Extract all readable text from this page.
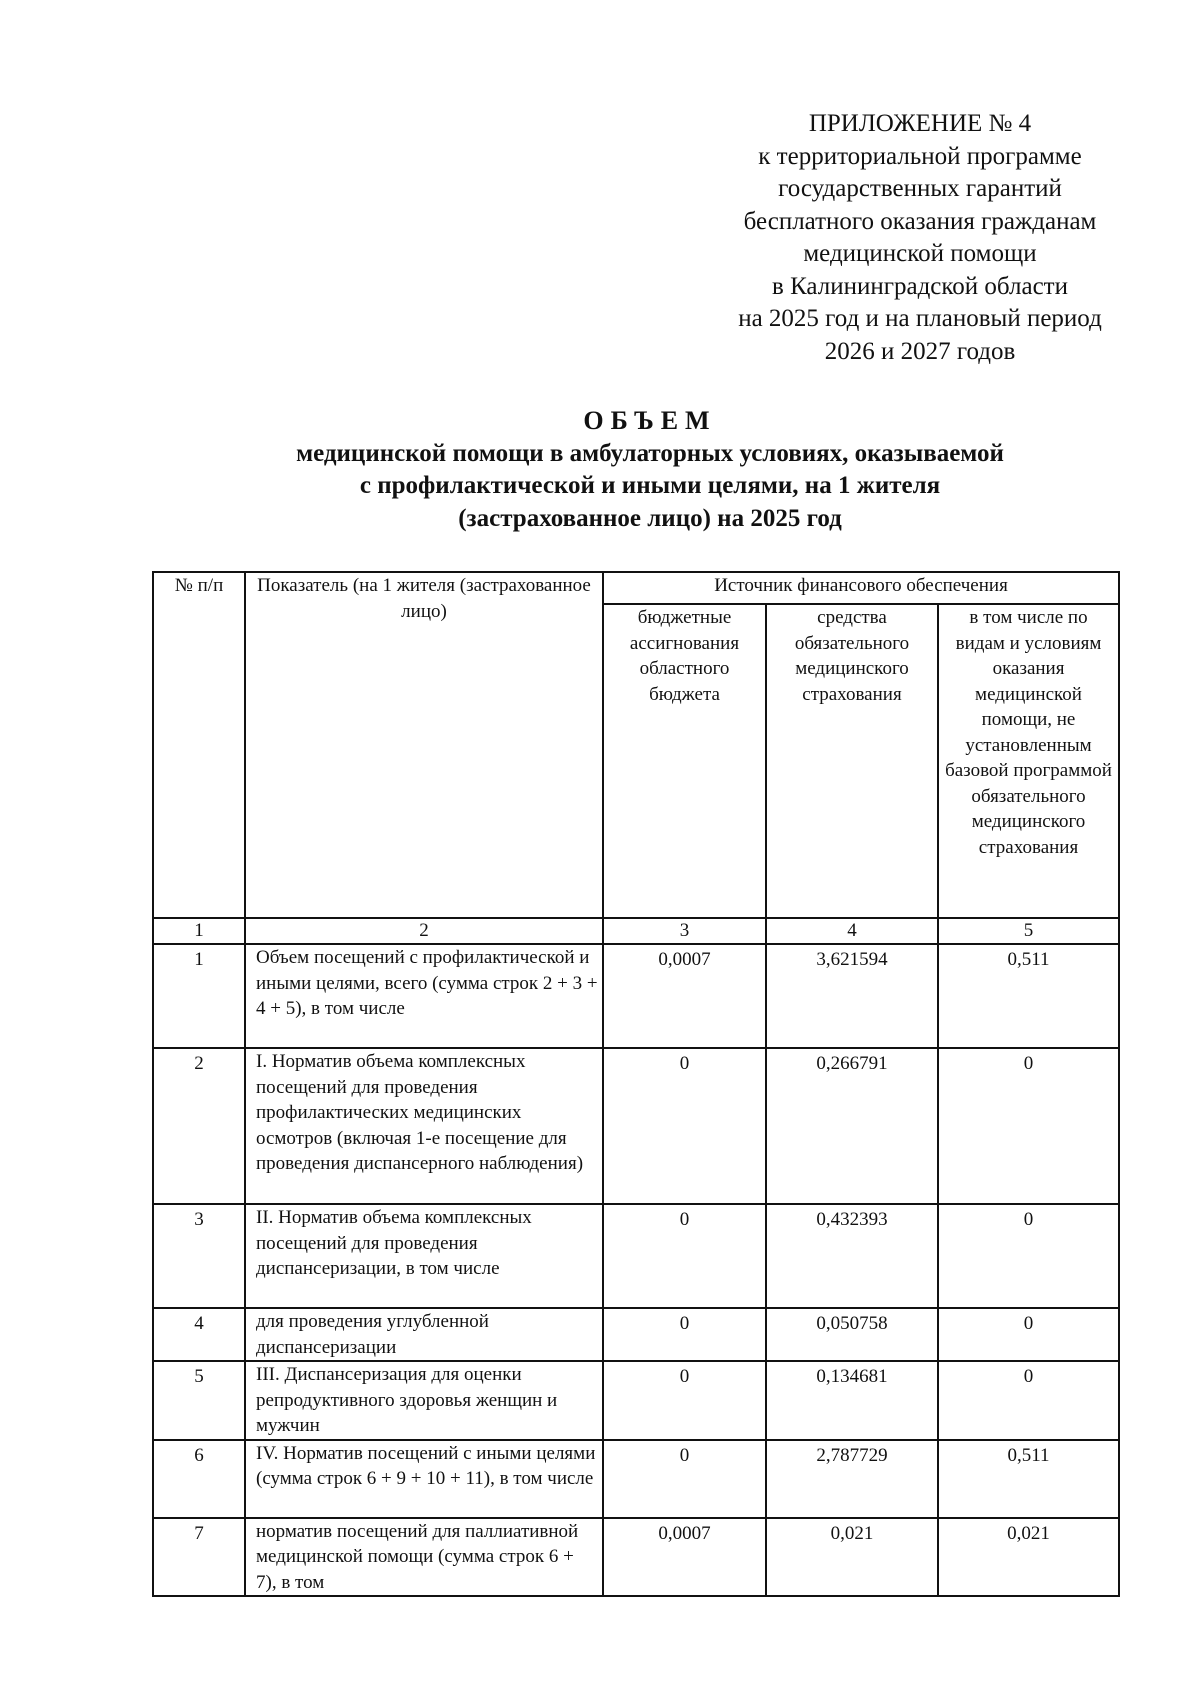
ПРИЛОЖЕНИЕ № 4
к территориальной программе
государственных гарантий
бесплатного оказания гражданам
медицинской помощи
в Калининградской области
на 2025 год и на плановый период
2026 и 2027 годов
ОБЪЕМ
медицинской помощи в амбулаторных условиях, оказываемой
с профилактической и иными целями, на 1 жителя
(застрахованное лицо) на 2025 год
№ п/п	Показатель (на 1 жителя (застрахованное лицо)	Источник финансового обеспечения		
		бюджетные ассигнования областного бюджета	средства обязательного медицинского страхования	в том числе по видам и условиям оказания медицинской помощи, не установленным базовой программой обязательного медицинского страхования
1	2	3	4	5
1	Объем посещений с профилактической и иными целями, всего (сумма строк 2 + 3 + 4 + 5), в том числе	0,0007	3,621594	0,511
2	I. Норматив объема комплексных посещений для проведения профилактических медицинских осмотров (включая 1-е посещение для проведения диспансерного наблюдения)	0	0,266791	0
3	II. Норматив объема комплексных посещений для проведения диспансеризации, в том числе	0	0,432393	0
4	для проведения углубленной диспансеризации	0	0,050758	0
5	III. Диспансеризация для оценки репродуктивного здоровья женщин и мужчин	0	0,134681	0
6	IV. Норматив посещений с иными целями (сумма строк 6 + 9 + 10 + 11), в том числе	0	2,787729	0,511
7	норматив посещений для паллиативной медицинской помощи (сумма строк 6 + 7), в том	0,0007	0,021	0,021
